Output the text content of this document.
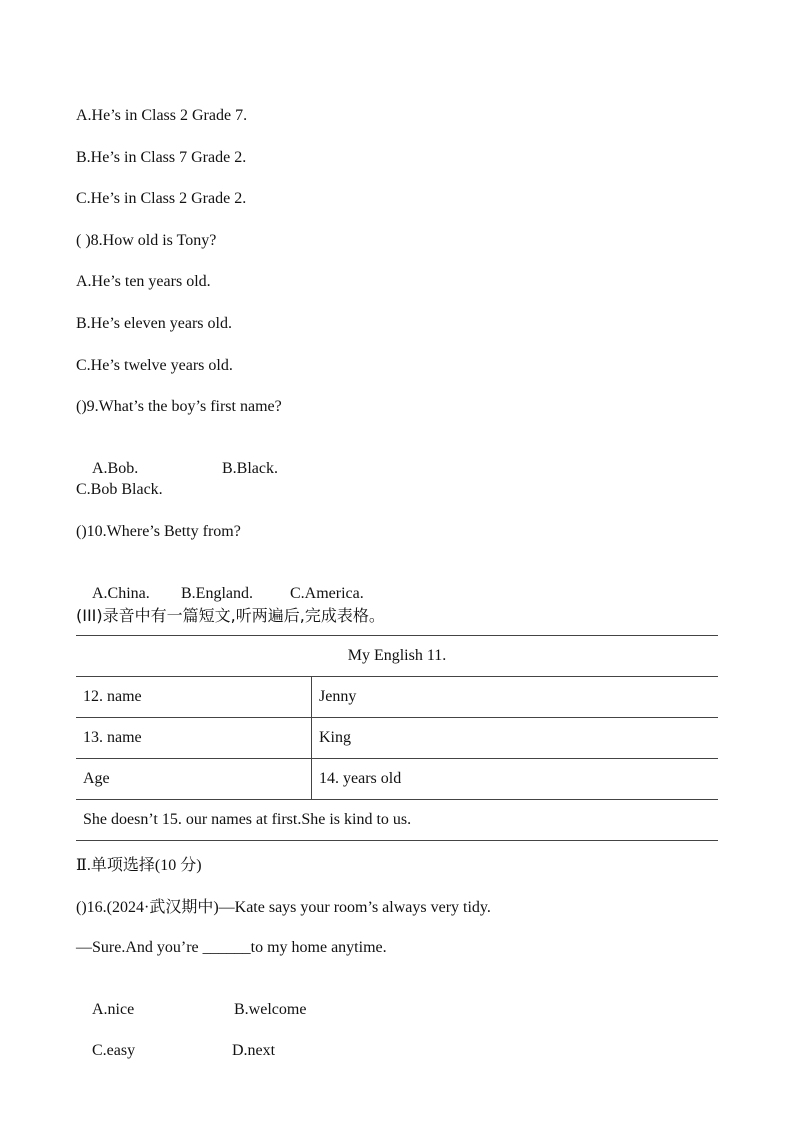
A.He’s in Class 2 Grade 7.
B.He’s in Class 7 Grade 2.
C.He’s in Class 2 Grade 2.
( )8.How old is Tony?
A.He’s ten years old.
B.He’s eleven years old.
C.He’s twelve years old.
()9.What’s the boy’s first name?

A.Bob.	B.Black.

C.Bob Black.
()10.Where’s Betty from?

A.China. B.England. C.America.

(III)录音中有一篇短文,听两遍后,完成表格。
My English 11.	
12. name	Jenny
13. name	King
Age	14. years old
She doesn’t 15. our names at first.She is kind to us.	
Ⅱ.单项选择(10 分)
()16.(2024·武汉期中)—Kate says your room’s always very tidy.
—Sure.And you’re ______to my home anytime.

A.nice	B.welcome

C.easy	D.next
